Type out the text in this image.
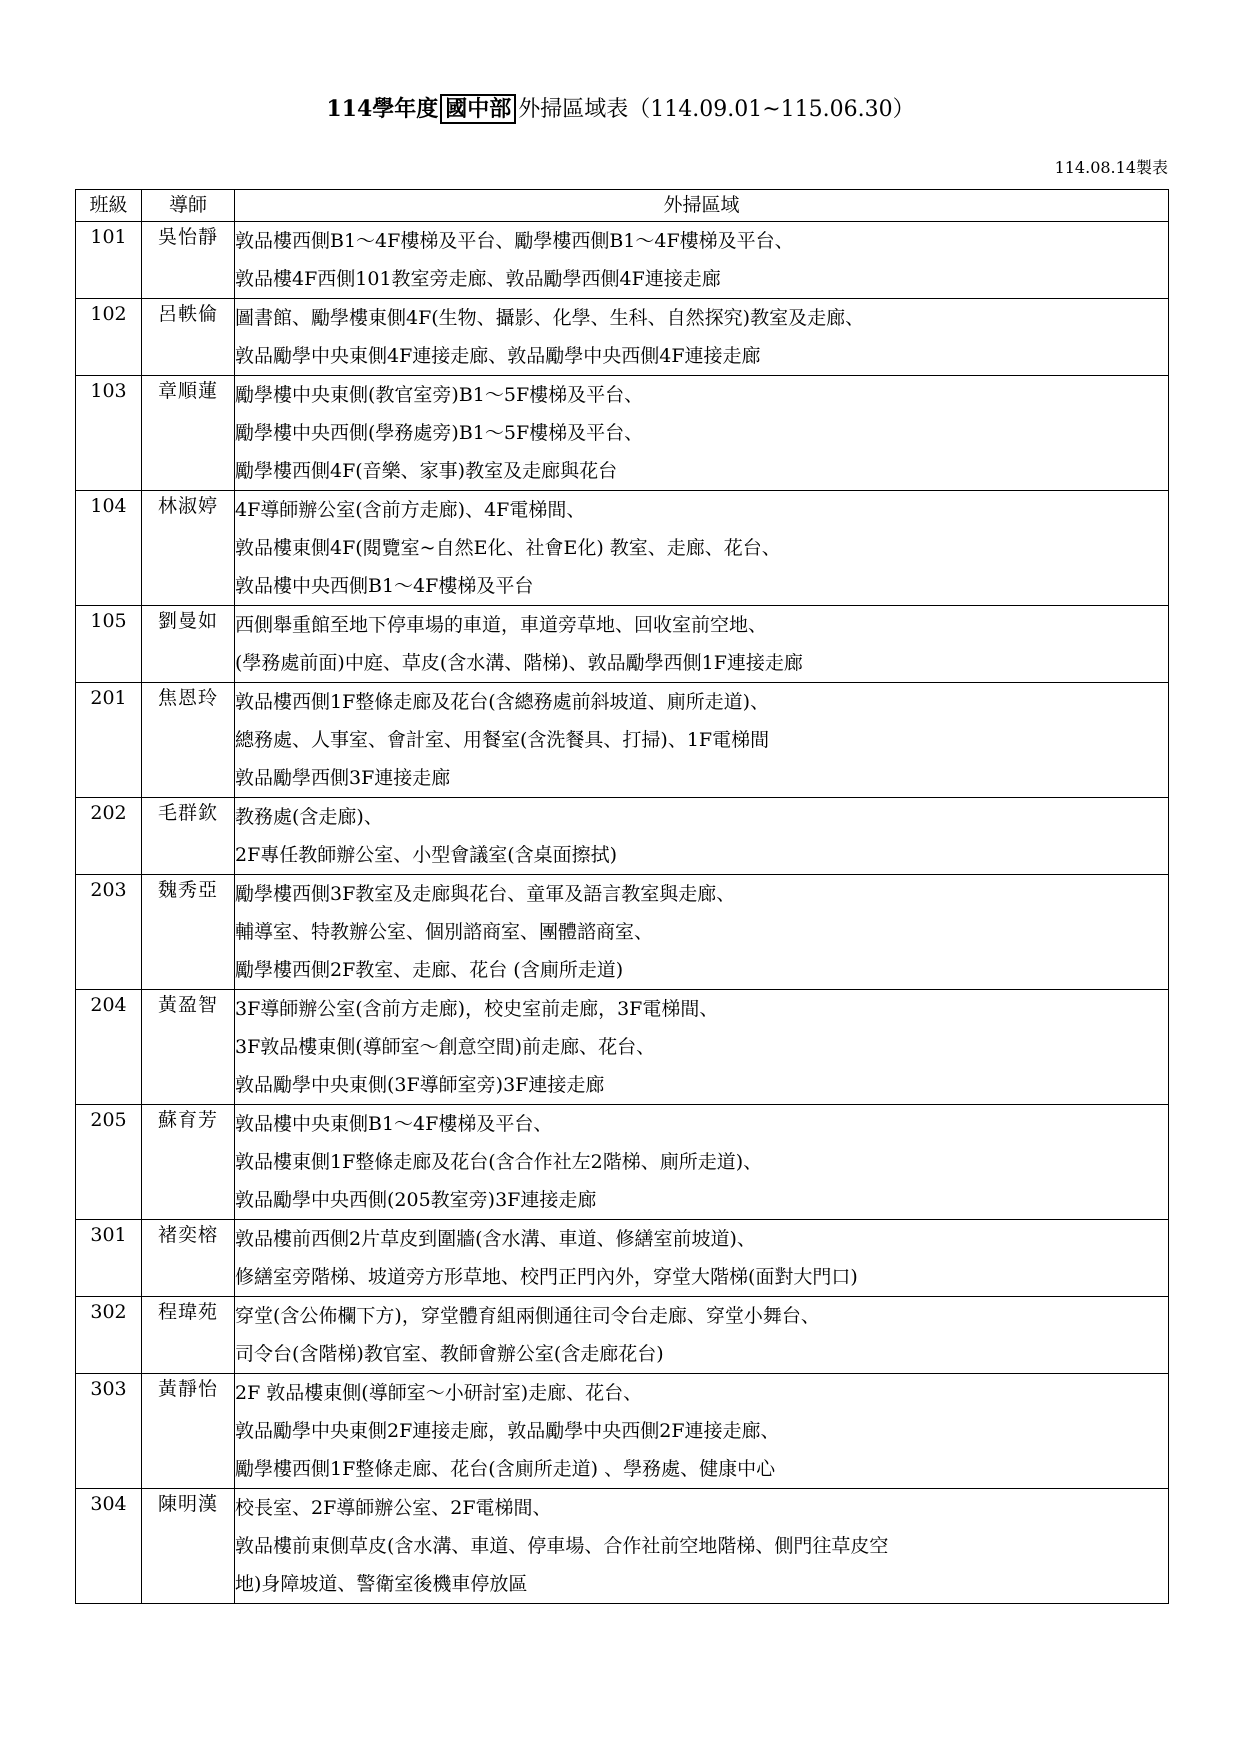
114學年度 國中部 外掃區域表（114.09.01~115.06.30）
114.08.14製表
班級	導師	外掃區域
101	吳怡靜	敦品樓西側B1～4F樓梯及平台、勵學樓西側B1～4F樓梯及平台、
敦品樓4F西側101教室旁走廊、敦品勵學西側4F連接走廊

102	呂軼倫	圖書館、勵學樓東側4F(生物、攝影、化學、生科、自然探究)教室及走廊、
敦品勵學中央東側4F連接走廊、敦品勵學中央西側4F連接走廊

103	章順蓮	勵學樓中央東側(教官室旁)B1～5F樓梯及平台、
勵學樓中央西側(學務處旁)B1～5F樓梯及平台、
勵學樓西側4F(音樂、家事)教室及走廊與花台

104	林淑婷	4F導師辦公室(含前方走廊)、4F電梯間、
敦品樓東側4F(閱覽室~自然E化、社會E化) 教室、走廊、花台、
敦品樓中央西側B1～4F樓梯及平台

105	劉曼如	西側舉重館至地下停車場的車道，車道旁草地、回收室前空地、
(學務處前面)中庭、草皮(含水溝、階梯)、敦品勵學西側1F連接走廊

201	焦恩玲	敦品樓西側1F整條走廊及花台(含總務處前斜坡道、廁所走道)、
總務處、人事室、會計室、用餐室(含洗餐具、打掃)、1F電梯間
敦品勵學西側3F連接走廊

202	毛群欽	教務處(含走廊)、
2F專任教師辦公室、小型會議室(含桌面擦拭)

203	魏秀亞	勵學樓西側3F教室及走廊與花台、童軍及語言教室與走廊、
輔導室、特教辦公室、個別諮商室、團體諮商室、
勵學樓西側2F教室、走廊、花台 (含廁所走道)

204	黃盈智	3F導師辦公室(含前方走廊)，校史室前走廊，3F電梯間、
3F敦品樓東側(導師室～創意空間)前走廊、花台、
敦品勵學中央東側(3F導師室旁)3F連接走廊

205	蘇育芳	敦品樓中央東側B1～4F樓梯及平台、
敦品樓東側1F整條走廊及花台(含合作社左2階梯、廁所走道)、
敦品勵學中央西側(205教室旁)3F連接走廊

301	褚奕榕	敦品樓前西側2片草皮到圍牆(含水溝、車道、修繕室前坡道)、
修繕室旁階梯、坡道旁方形草地、校門正門內外，穿堂大階梯(面對大門口)

302	程瑋苑	穿堂(含公佈欄下方)，穿堂體育組兩側通往司令台走廊、穿堂小舞台、
司令台(含階梯)教官室、教師會辦公室(含走廊花台)

303	黃靜怡	2F 敦品樓東側(導師室～小研討室)走廊、花台、
敦品勵學中央東側2F連接走廊，敦品勵學中央西側2F連接走廊、
勵學樓西側1F整條走廊、花台(含廁所走道) 、學務處、健康中心

304	陳明漢	校長室、2F導師辦公室、2F電梯間、
敦品樓前東側草皮(含水溝、車道、停車場、合作社前空地階梯、側門往草皮空
地)身障坡道、警衛室後機車停放區
